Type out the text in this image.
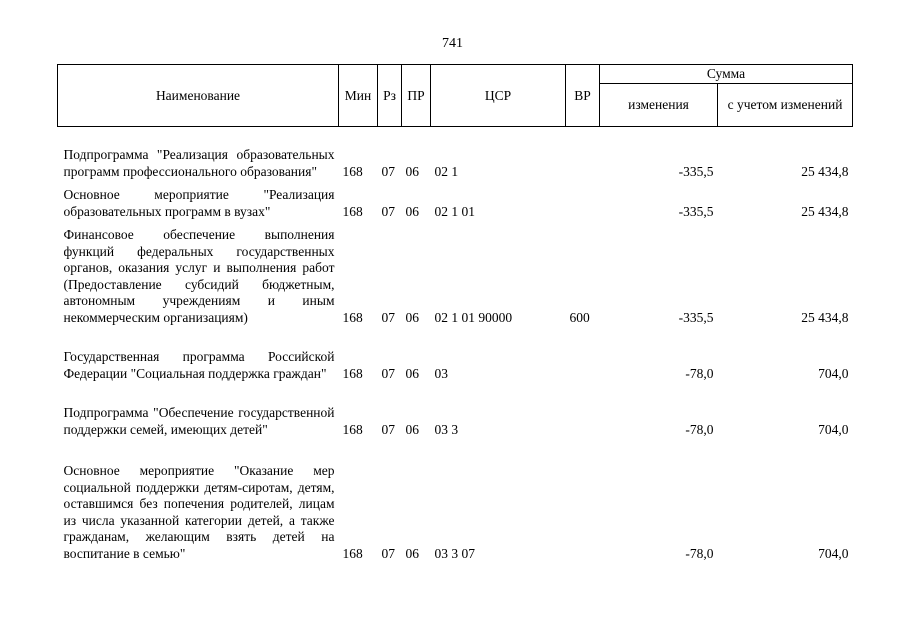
741
Наименование	Мин	Рз	ПР	ЦСР	ВР	Сумма	
						изменения	с учетом изменений
Подпрограмма "Реализация образовательных программ профессионального образования"	168	07	06	02 1		-335,5	25 434,8
Основное мероприятие "Реализация образовательных программ в вузах"	168	07	06	02 1 01		-335,5	25 434,8
Финансовое обеспечение выполнения функций федеральных государственных органов, оказания услуг и выполнения работ (Предоставление субсидий бюджетным, автономным учреждениям и иным некоммерческим организациям)	168	07	06	02 1 01 90000	600	-335,5	25 434,8
Государственная программа Российской Федерации "Социальная поддержка граждан"	168	07	06	03		-78,0	704,0
Подпрограмма "Обеспечение государственной поддержки семей, имеющих детей"	168	07	06	03 3		-78,0	704,0
Основное мероприятие "Оказание мер социальной поддержки детям-сиротам, детям, оставшимся без попечения родителей, лицам из числа указанной категории детей, а также гражданам, желающим взять детей на воспитание в семью"	168	07	06	03 3 07		-78,0	704,0
